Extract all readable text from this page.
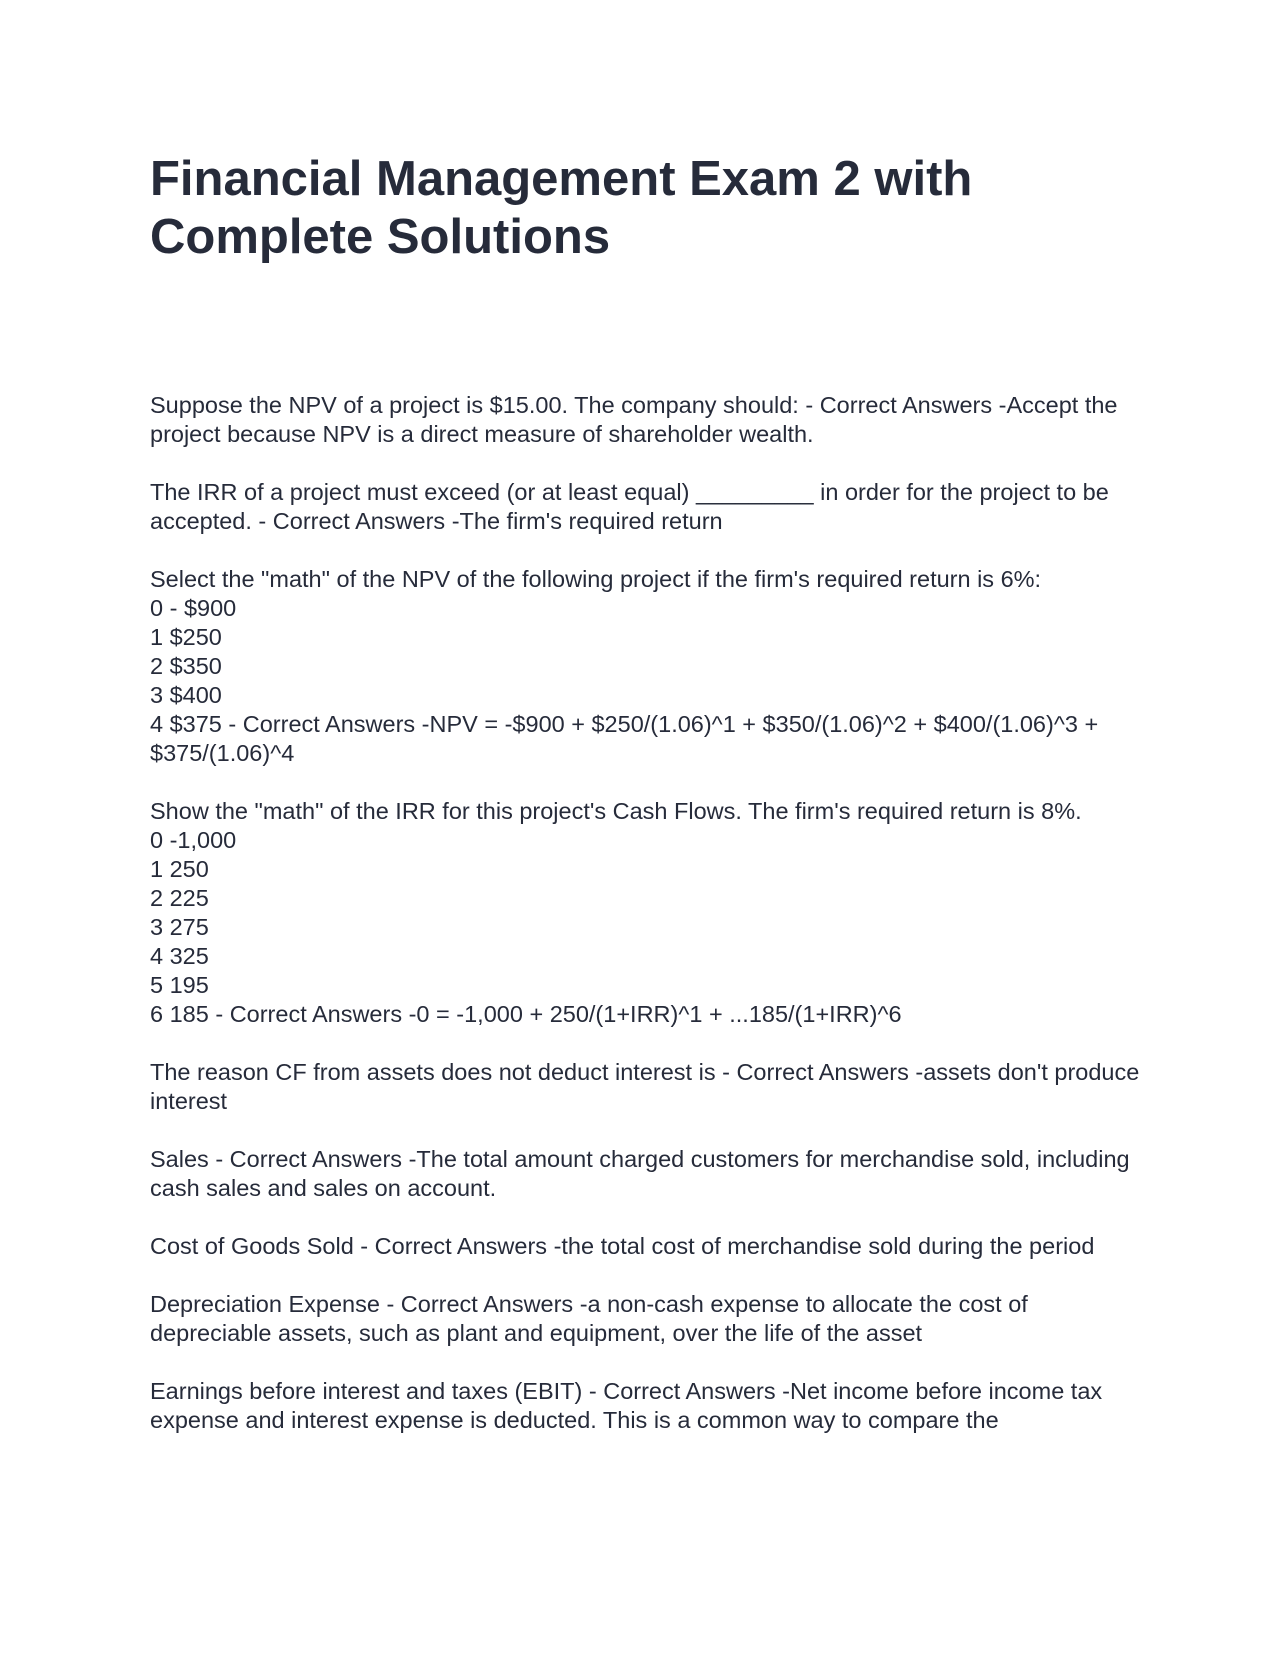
Financial Management Exam 2 with
Complete Solutions

Suppose the NPV of a project is $15.00. The company should: - Correct Answers -Accept the project because NPV is a direct measure of shareholder wealth.

The IRR of a project must exceed (or at least equal) _________ in order for the project to be accepted. - Correct Answers -The firm's required return

Select the "math" of the NPV of the following project if the firm's required return is 6%:
0 - $900
1 $250
2 $350
3 $400
4 $375 - Correct Answers -NPV = -$900 + $250/(1.06)^1 + $350/(1.06)^2 + $400/(1.06)^3 + $375/(1.06)^4

Show the "math" of the IRR for this project's Cash Flows. The firm's required return is 8%.
0 -1,000
1 250
2 225
3 275
4 325
5 195
6 185 - Correct Answers -0 = -1,000 + 250/(1+IRR)^1 + ...185/(1+IRR)^6

The reason CF from assets does not deduct interest is - Correct Answers -assets don't produce interest

Sales - Correct Answers -The total amount charged customers for merchandise sold, including cash sales and sales on account.

Cost of Goods Sold - Correct Answers -the total cost of merchandise sold during the period

Depreciation Expense - Correct Answers -a non-cash expense to allocate the cost of depreciable assets, such as plant and equipment, over the life of the asset

Earnings before interest and taxes (EBIT) - Correct Answers -Net income before income tax expense and interest expense is deducted. This is a common way to compare the
